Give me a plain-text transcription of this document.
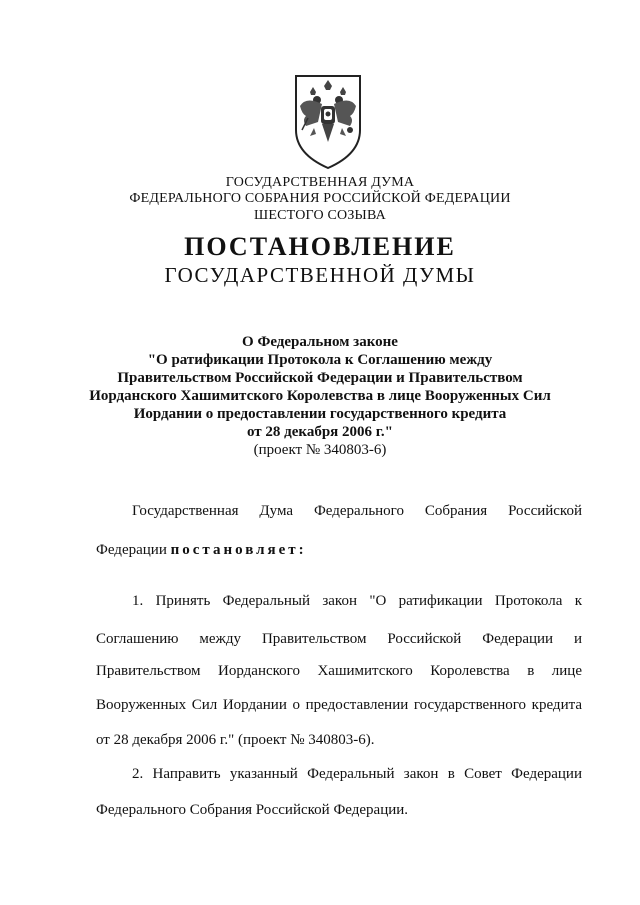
ГОСУДАРСТВЕННАЯ ДУМА
ФЕДЕРАЛЬНОГО СОБРАНИЯ РОССИЙСКОЙ ФЕДЕРАЦИИ
ШЕСТОГО СОЗЫВА
ПОСТАНОВЛЕНИЕ
ГОСУДАРСТВЕННОЙ ДУМЫ
О Федеральном законе
"О ратификации Протокола к Соглашению между
Правительством Российской Федерации и Правительством
Иорданского Хашимитского Королевства в лице Вооруженных Сил
Иордании о предоставлении государственного кредита
от 28 декабря 2006 г."
(проект № 340803-6)
Государственная Дума Федерального Собрания Российской
Федерации постановляет:
1. Принять Федеральный закон "О ратификации Протокола к
Соглашению между Правительством Российской Федерации и
Правительством Иорданского Хашимитского Королевства в лице
Вооруженных Сил Иордании о предоставлении государственного кредита
от 28 декабря 2006 г." (проект № 340803-6).
2. Направить указанный Федеральный закон в Совет Федерации
Федерального Собрания Российской Федерации.
